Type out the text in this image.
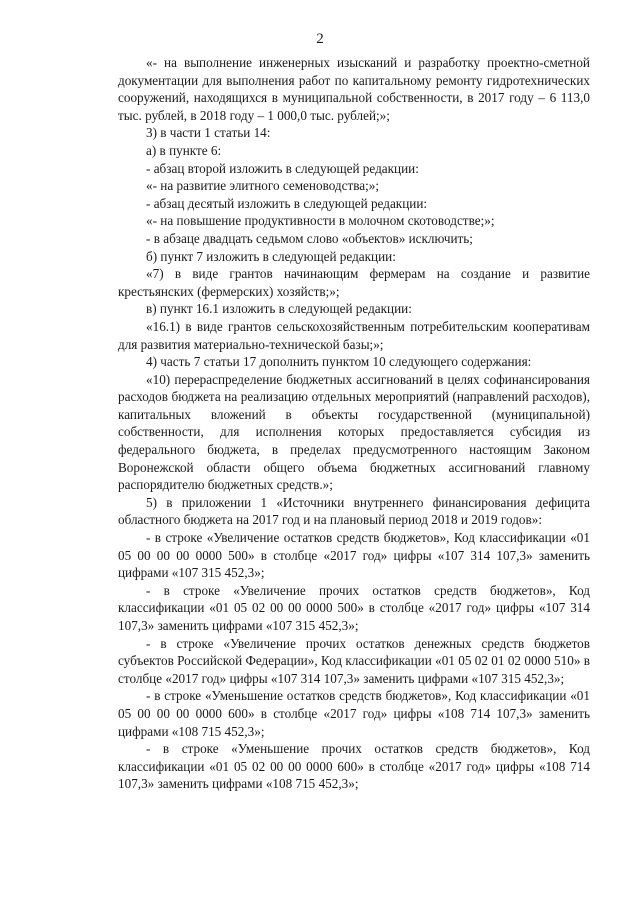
2

«- на выполнение инженерных изысканий и разработку проектно-сметной документации для выполнения работ по капитальному ремонту гидротехнических сооружений, находящихся в муниципальной собственности, в 2017 году – 6 113,0 тыс. рублей, в 2018 году – 1 000,0 тыс. рублей;»;

3) в части 1 статьи 14:

а) в пункте 6:

- абзац второй изложить в следующей редакции:

«- на развитие элитного семеноводства;»;

- абзац десятый изложить в следующей редакции:

«- на повышение продуктивности в молочном скотоводстве;»;

- в абзаце двадцать седьмом слово «объектов» исключить;

б) пункт 7 изложить в следующей редакции:

«7) в виде грантов начинающим фермерам на создание и развитие крестьянских (фермерских) хозяйств;»;

в) пункт 16.1 изложить в следующей редакции:

«16.1) в виде грантов сельскохозяйственным потребительским кооперативам для развития материально-технической базы;»;

4) часть 7 статьи 17 дополнить пунктом 10 следующего содержания:

«10) перераспределение бюджетных ассигнований в целях софинансирования расходов бюджета на реализацию отдельных мероприятий (направлений расходов), капитальных вложений в объекты государственной (муниципальной) собственности, для исполнения которых предоставляется субсидия из федерального бюджета, в пределах предусмотренного настоящим Законом Воронежской области общего объема бюджетных ассигнований главному распорядителю бюджетных средств.»;

5) в приложении 1 «Источники внутреннего финансирования дефицита областного бюджета на 2017 год и на плановый период 2018 и 2019 годов»:

- в строке «Увеличение остатков средств бюджетов», Код классификации «01 05 00 00 00 0000 500» в столбце «2017 год» цифры «107 314 107,3» заменить цифрами «107 315 452,3»;

- в строке «Увеличение прочих остатков средств бюджетов», Код классификации «01 05 02 00 00 0000 500» в столбце «2017 год» цифры «107 314 107,3» заменить цифрами «107 315 452,3»;

- в строке «Увеличение прочих остатков денежных средств бюджетов субъектов Российской Федерации», Код классификации «01 05 02 01 02 0000 510» в столбце «2017 год» цифры «107 314 107,3» заменить цифрами «107 315 452,3»;

- в строке «Уменьшение остатков средств бюджетов», Код классификации «01 05 00 00 00 0000 600» в столбце «2017 год» цифры «108 714 107,3» заменить цифрами «108 715 452,3»;

- в строке «Уменьшение прочих остатков средств бюджетов», Код классификации «01 05 02 00 00 0000 600» в столбце «2017 год» цифры «108 714 107,3» заменить цифрами «108 715 452,3»;
